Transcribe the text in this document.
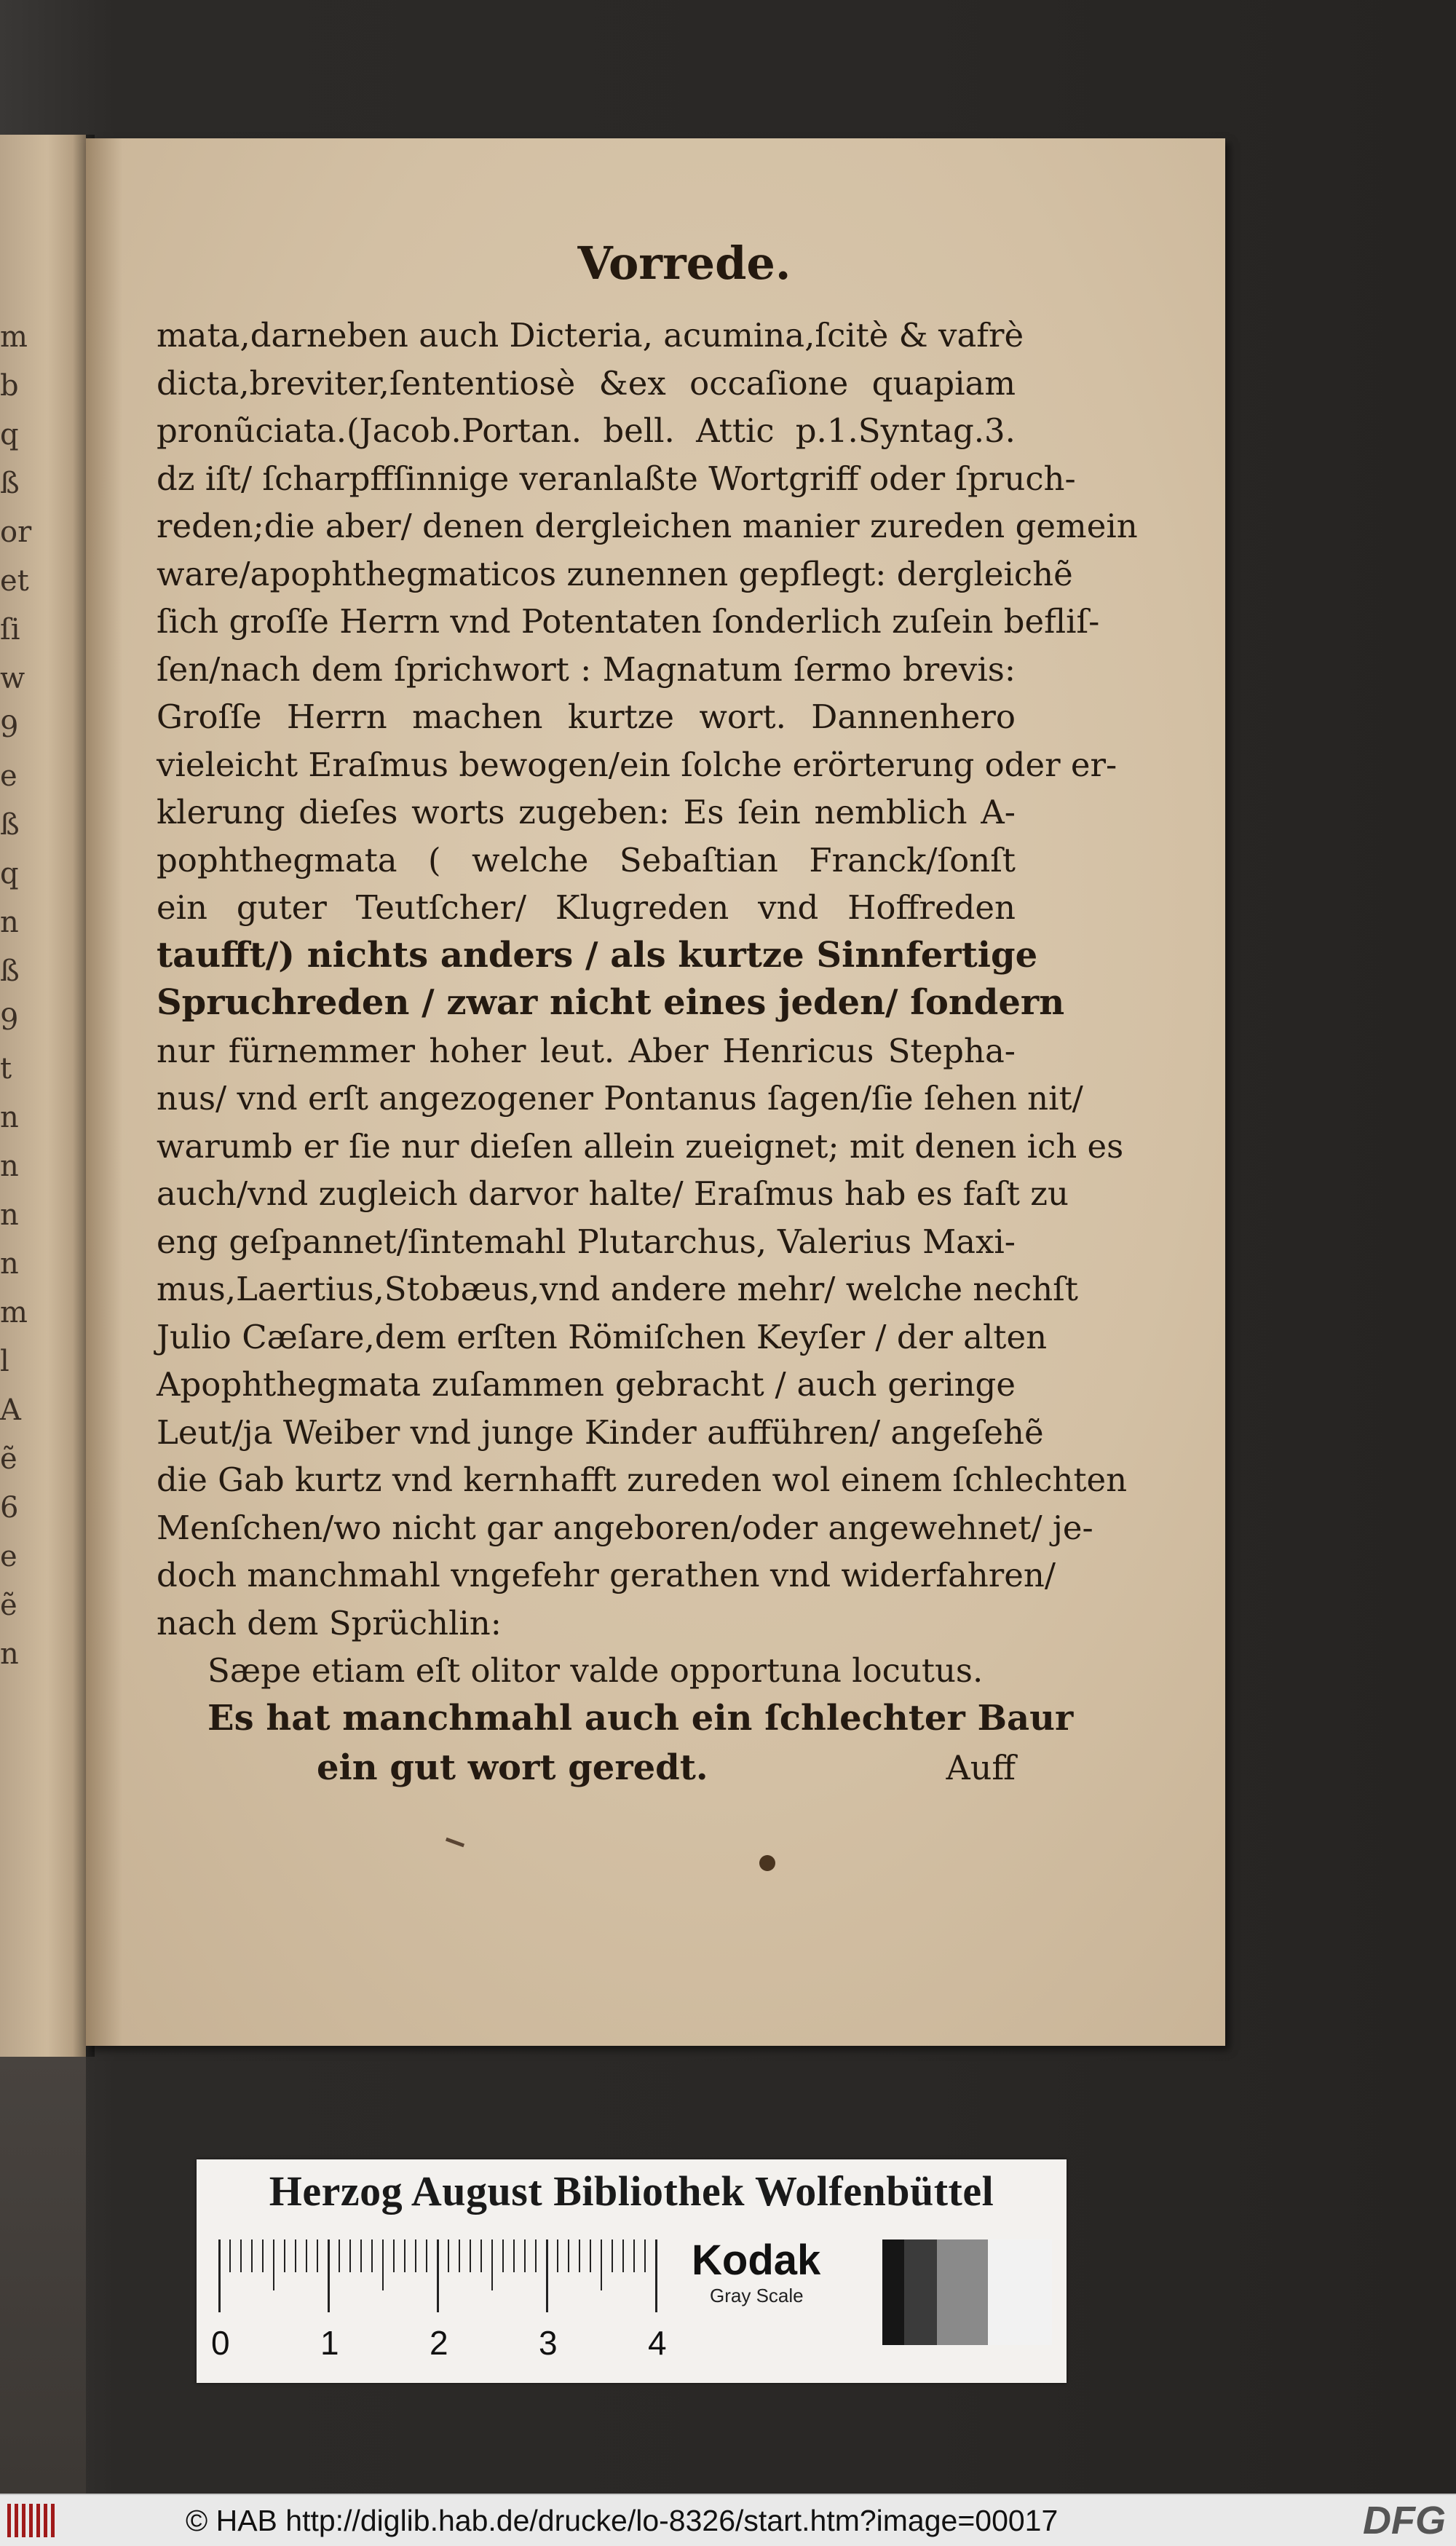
m
b
q
ß
or
et
ſi
w
9
e
ß
q
n
ß
9
t
n
n
n
n
m
l
A
ẽ
6
e
ẽ
n
Vorrede.
mata,darneben auch Dicteria, acumina,ſcitè & vafrè
dicta,breviter,ſententiosè &ex occaſione quapiam
pronũciata.(Jacob.Portan. bell. Attic p.1.Syntag.3.
dz iſt/ ſcharpffſinnige veranlaßte Wortgriff oder ſpruch-
reden;die aber/ denen dergleichen manier zureden gemein
ware/apophthegmaticos zunennen gepflegt: dergleichẽ
ſich groſſe Herrn vnd Potentaten ſonderlich zuſein befliſ-
ſen/nach dem ſprichwort : Magnatum ſermo brevis:
Groſſe Herrn machen kurtze wort. Dannenhero
vieleicht Eraſmus bewogen/ein ſolche erörterung oder er-
klerung dieſes worts zugeben: Es ſein nemblich A-
pophthegmata ( welche Sebaſtian Franck/ſonſt
ein guter Teutſcher/ Klugreden vnd Hoffreden
taufft/) nichts anders / als kurtze Sinnfertige
Spruchreden / zwar nicht eines jeden/ ſondern
nur fürnemmer hoher leut. Aber Henricus Stepha-
nus/ vnd erſt angezogener Pontanus ſagen/ſie ſehen nit/
warumb er ſie nur dieſen allein zueignet; mit denen ich es
auch/vnd zugleich darvor halte/ Eraſmus hab es faſt zu
eng geſpannet/ſintemahl Plutarchus, Valerius Maxi-
mus,Laertius,Stobæus,vnd andere mehr/ welche nechſt
Julio Cæſare,dem erſten Römiſchen Keyſer / der alten
Apophthegmata zuſammen gebracht / auch geringe
Leut/ja Weiber vnd junge Kinder aufführen/ angeſehẽ
die Gab kurtz vnd kernhafft zureden wol einem ſchlechten
Menſchen/wo nicht gar angeboren/oder angewehnet/ je-
doch manchmahl vngefehr gerathen vnd widerfahren/
nach dem Sprüchlin:
Sæpe etiam eſt olitor valde opportuna locutus.
Es hat manchmahl auch ein ſchlechter Baur
ein gut wort geredt.	Auff
Herzog August Bibliothek Wolfenbüttel
0	1	2	3	4
Kodak
Gray Scale
© HAB http://diglib.hab.de/drucke/lo-8326/start.htm?image=00017	DFG
